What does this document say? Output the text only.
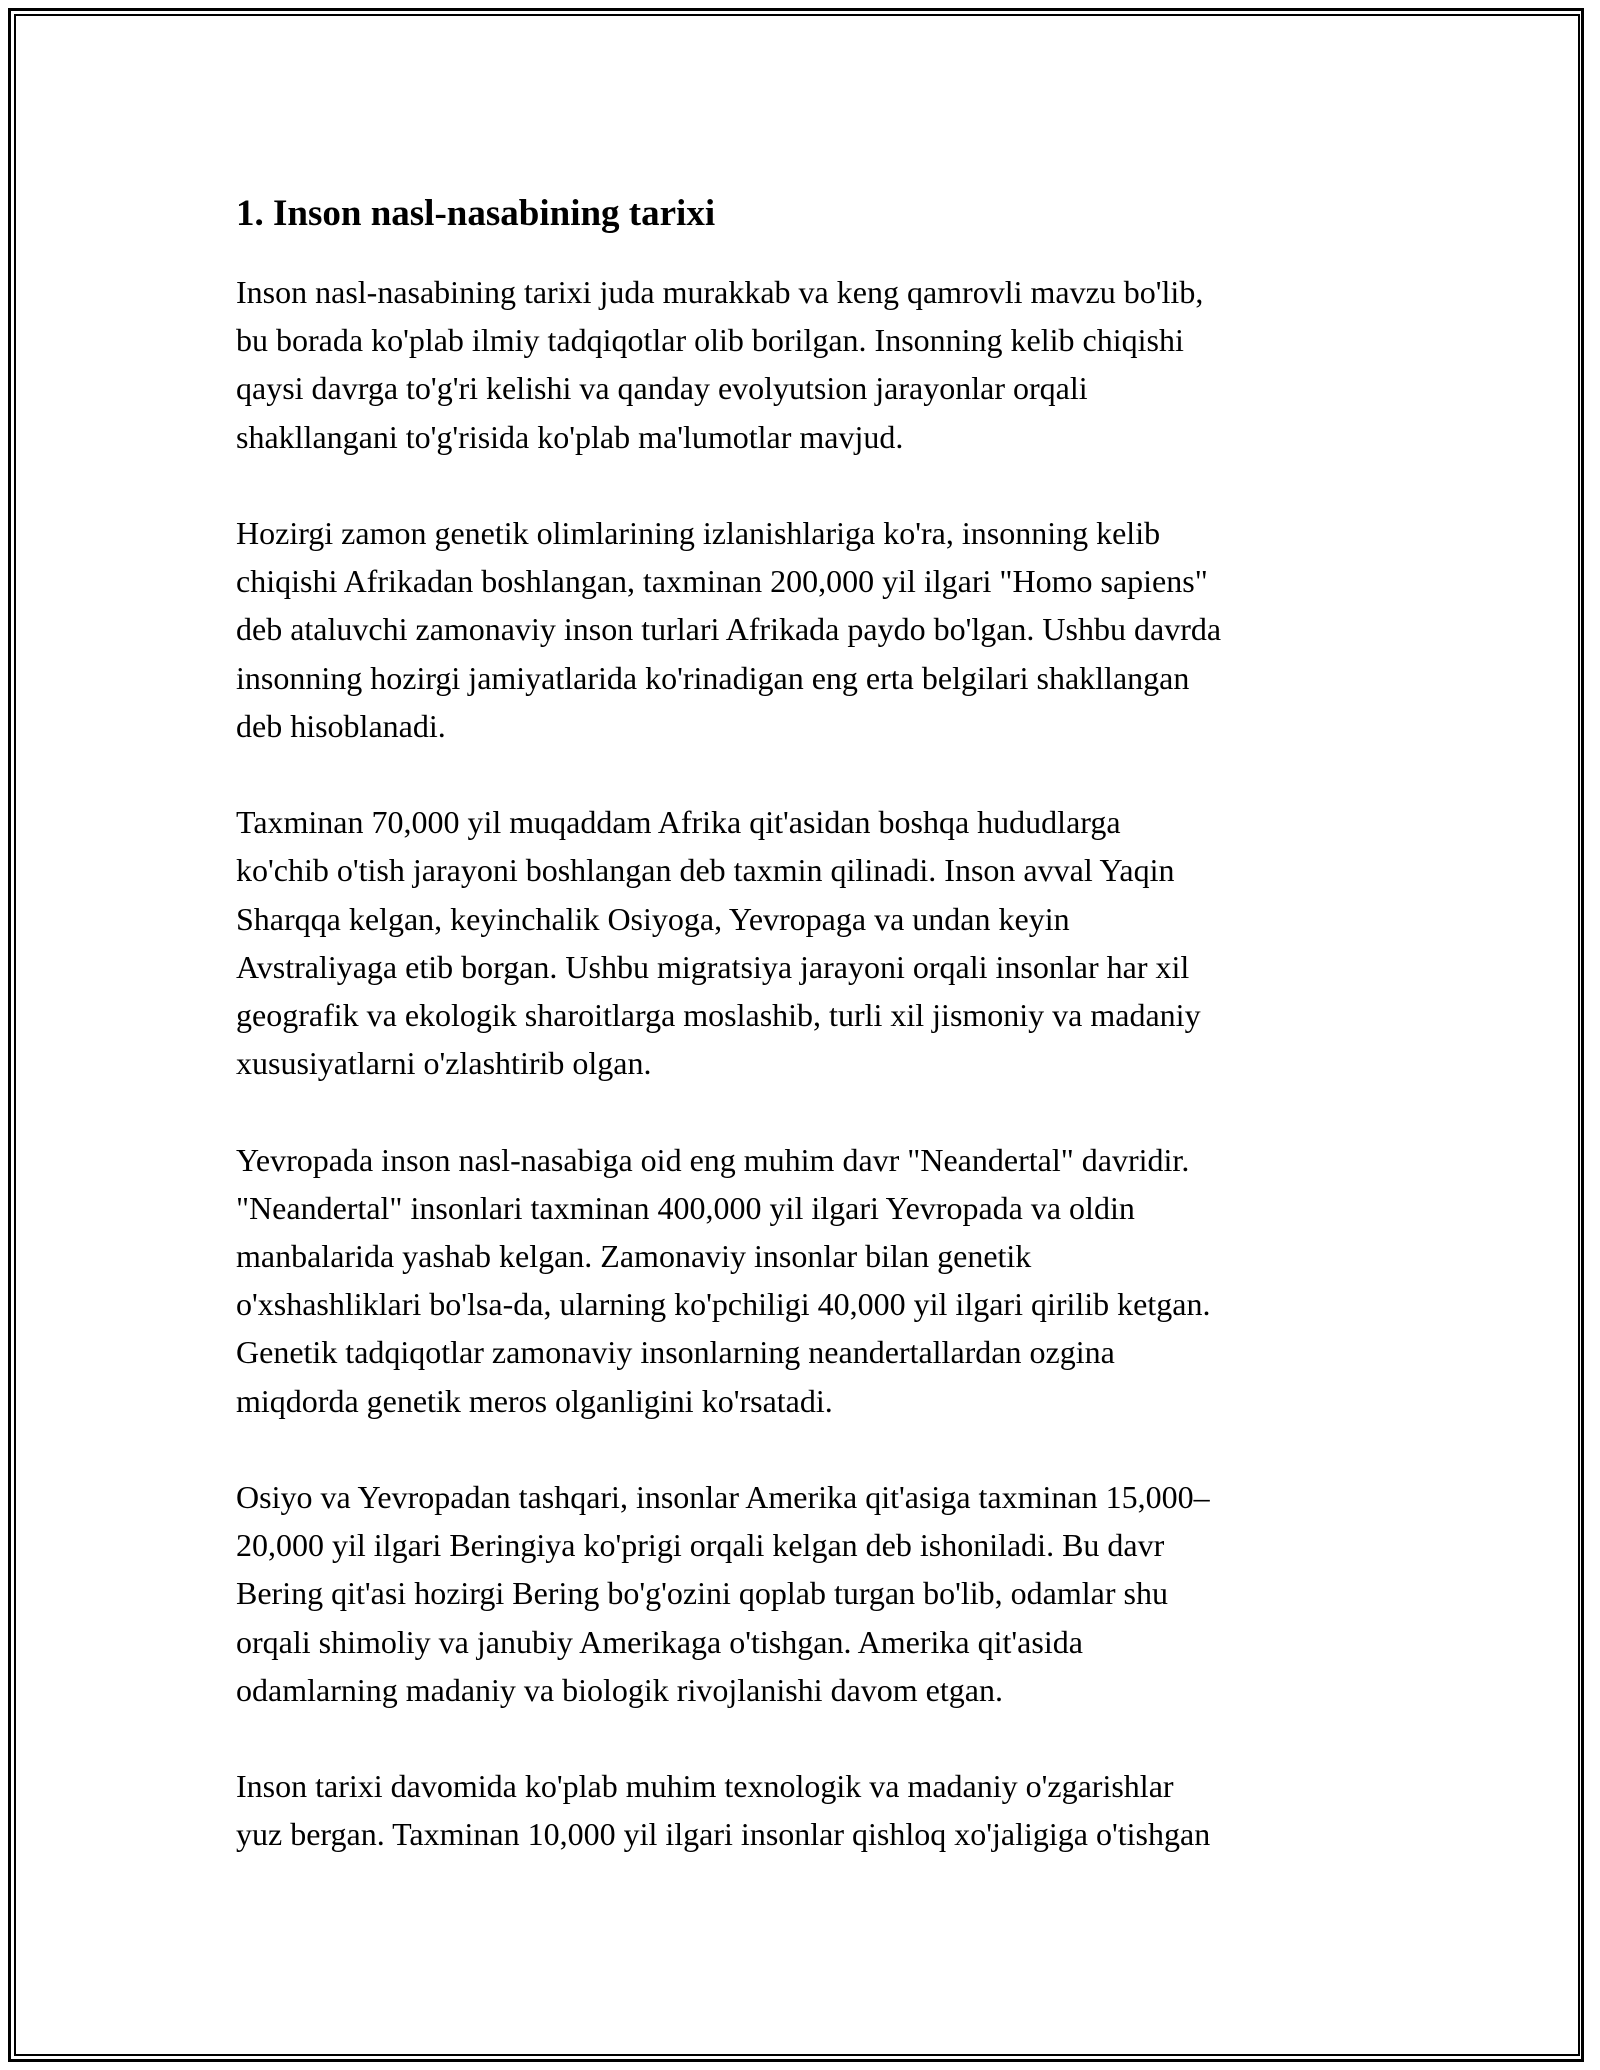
1. Inson nasl-nasabining tarixi

Inson nasl-nasabining tarixi juda murakkab va keng qamrovli mavzu bo'lib,
bu borada ko'plab ilmiy tadqiqotlar olib borilgan. Insonning kelib chiqishi
qaysi davrga to'g'ri kelishi va qanday evolyutsion jarayonlar orqali
shakllangani to'g'risida ko'plab ma'lumotlar mavjud.

Hozirgi zamon genetik olimlarining izlanishlariga ko'ra, insonning kelib
chiqishi Afrikadan boshlangan, taxminan 200,000 yil ilgari "Homo sapiens"
deb ataluvchi zamonaviy inson turlari Afrikada paydo bo'lgan. Ushbu davrda
insonning hozirgi jamiyatlarida ko'rinadigan eng erta belgilari shakllangan
deb hisoblanadi.

Taxminan 70,000 yil muqaddam Afrika qit'asidan boshqa hududlarga
ko'chib o'tish jarayoni boshlangan deb taxmin qilinadi. Inson avval Yaqin
Sharqqa kelgan, keyinchalik Osiyoga, Yevropaga va undan keyin
Avstraliyaga etib borgan. Ushbu migratsiya jarayoni orqali insonlar har xil
geografik va ekologik sharoitlarga moslashib, turli xil jismoniy va madaniy
xususiyatlarni o'zlashtirib olgan.

Yevropada inson nasl-nasabiga oid eng muhim davr "Neandertal" davridir.
"Neandertal" insonlari taxminan 400,000 yil ilgari Yevropada va oldin
manbalarida yashab kelgan. Zamonaviy insonlar bilan genetik
o'xshashliklari bo'lsa-da, ularning ko'pchiligi 40,000 yil ilgari qirilib ketgan.
Genetik tadqiqotlar zamonaviy insonlarning neandertallardan ozgina
miqdorda genetik meros olganligini ko'rsatadi.

Osiyo va Yevropadan tashqari, insonlar Amerika qit'asiga taxminan 15,000–
20,000 yil ilgari Beringiya ko'prigi orqali kelgan deb ishoniladi. Bu davr
Bering qit'asi hozirgi Bering bo'g'ozini qoplab turgan bo'lib, odamlar shu
orqali shimoliy va janubiy Amerikaga o'tishgan. Amerika qit'asida
odamlarning madaniy va biologik rivojlanishi davom etgan.

Inson tarixi davomida ko'plab muhim texnologik va madaniy o'zgarishlar
yuz bergan. Taxminan 10,000 yil ilgari insonlar qishloq xo'jaligiga o'tishgan
